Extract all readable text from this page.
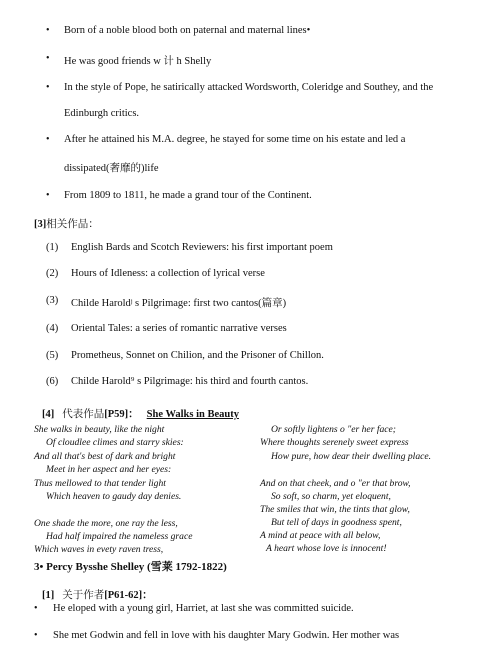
• Born of a noble blood both on paternal and maternal lines•
• He was good friends w 计 h Shelly
• In the style of Pope, he satirically attacked Wordsworth, Coleridge and Southey, and the
Edinburgh critics.
• After he attained his M.A. degree, he stayed for some time on his estate and led a
dissipated(奢靡的)life
• From 1809 to 1811, he made a grand tour of the Continent.
[3]相关作品：
(1) English Bards and Scotch Reviewers: his first important poem
(2) Hours of Idleness: a collection of lyrical verse
(3) Childe Haroldʲ s Pilgrimage: first two cantos(篇章)
(4) Oriental Tales: a series of romantic narrative verses
(5) Prometheus, Sonnet on Chilion, and the Prisoner of Chillon.
(6) Childe Harold⁹ s Pilgrimage: his third and fourth cantos.
[4] 代表作品[P59]： She Walks in Beauty
She walks in beauty, like the night
Of cloudlee climes and starry skies:
And all that's best of dark and bright
Meet in her aspect and her eyes:
Thus mellowed to that tender light
Which heaven to gaudy day denies.
One shade the more, one ray the less,
Had half impaired the nameless grace
Which waves in evety raven tress,
Or softly lightens o "er her face;
Where thoughts serenely sweet express
How pure, how dear their dwelling place.
And on that cheek, and o "er that brow,
So soft, so charm, yet eloquent,
The smiles that win, the tints that glow,
But tell of days in goodness spent,
A mind at peace with all below,
A heart whose love is innocent!
3• Percy Bysshe Shelley (雪莱 1792-1822)
[1] 关于作者[P61-62]：
• He eloped with a young girl, Harriet, at last she was committed suicide.
• She met Godwin and fell in love with his daughter Mary Godwin. Her mother was
